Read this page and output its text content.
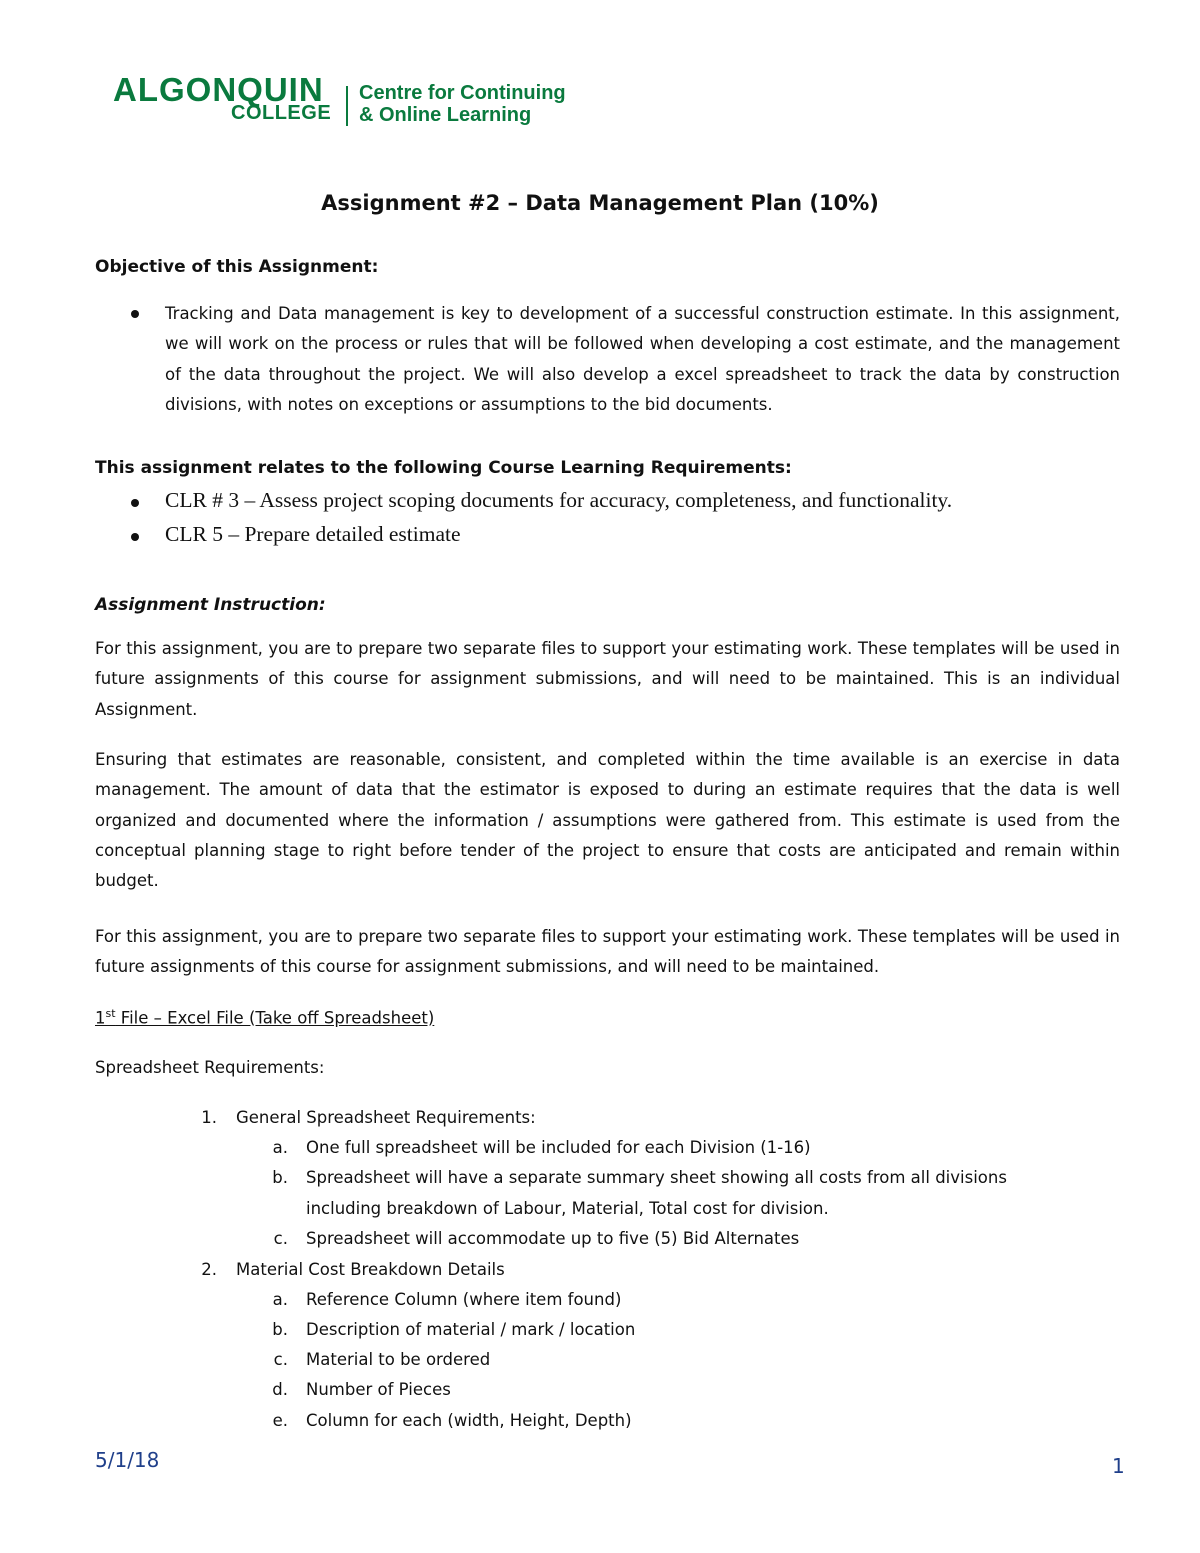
ALGONQUIN
COLLEGE
Centre for Continuing
& Online Learning
Assignment #2 – Data Management Plan (10%)
Objective of this Assignment:
Tracking and Data management is key to development of a successful construction estimate. In this assignment, we will work on the process or rules that will be followed when developing a cost estimate, and the management of the data throughout the project. We will also develop a excel spreadsheet to track the data by construction divisions, with notes on exceptions or assumptions to the bid documents.
This assignment relates to the following Course Learning Requirements:
CLR # 3 – Assess project scoping documents for accuracy, completeness, and functionality.
CLR 5 – Prepare detailed estimate
Assignment Instruction:
For this assignment, you are to prepare two separate files to support your estimating work. These templates will be used in future assignments of this course for assignment submissions, and will need to be maintained. This is an individual Assignment.
Ensuring that estimates are reasonable, consistent, and completed within the time available is an exercise in data management. The amount of data that the estimator is exposed to during an estimate requires that the data is well organized and documented where the information / assumptions were gathered from. This estimate is used from the conceptual planning stage to right before tender of the project to ensure that costs are anticipated and remain within budget.
For this assignment, you are to prepare two separate files to support your estimating work. These templates will be used in future assignments of this course for assignment submissions, and will need to be maintained.
1st File – Excel File (Take off Spreadsheet)
Spreadsheet Requirements:
1. General Spreadsheet Requirements:
a. One full spreadsheet will be included for each Division (1-16)
b. Spreadsheet will have a separate summary sheet showing all costs from all divisions
including breakdown of Labour, Material, Total cost for division.
c. Spreadsheet will accommodate up to five (5) Bid Alternates
2. Material Cost Breakdown Details
a. Reference Column (where item found)
b. Description of material / mark / location
c. Material to be ordered
d. Number of Pieces
e. Column for each (width, Height, Depth)
5/1/18	1
